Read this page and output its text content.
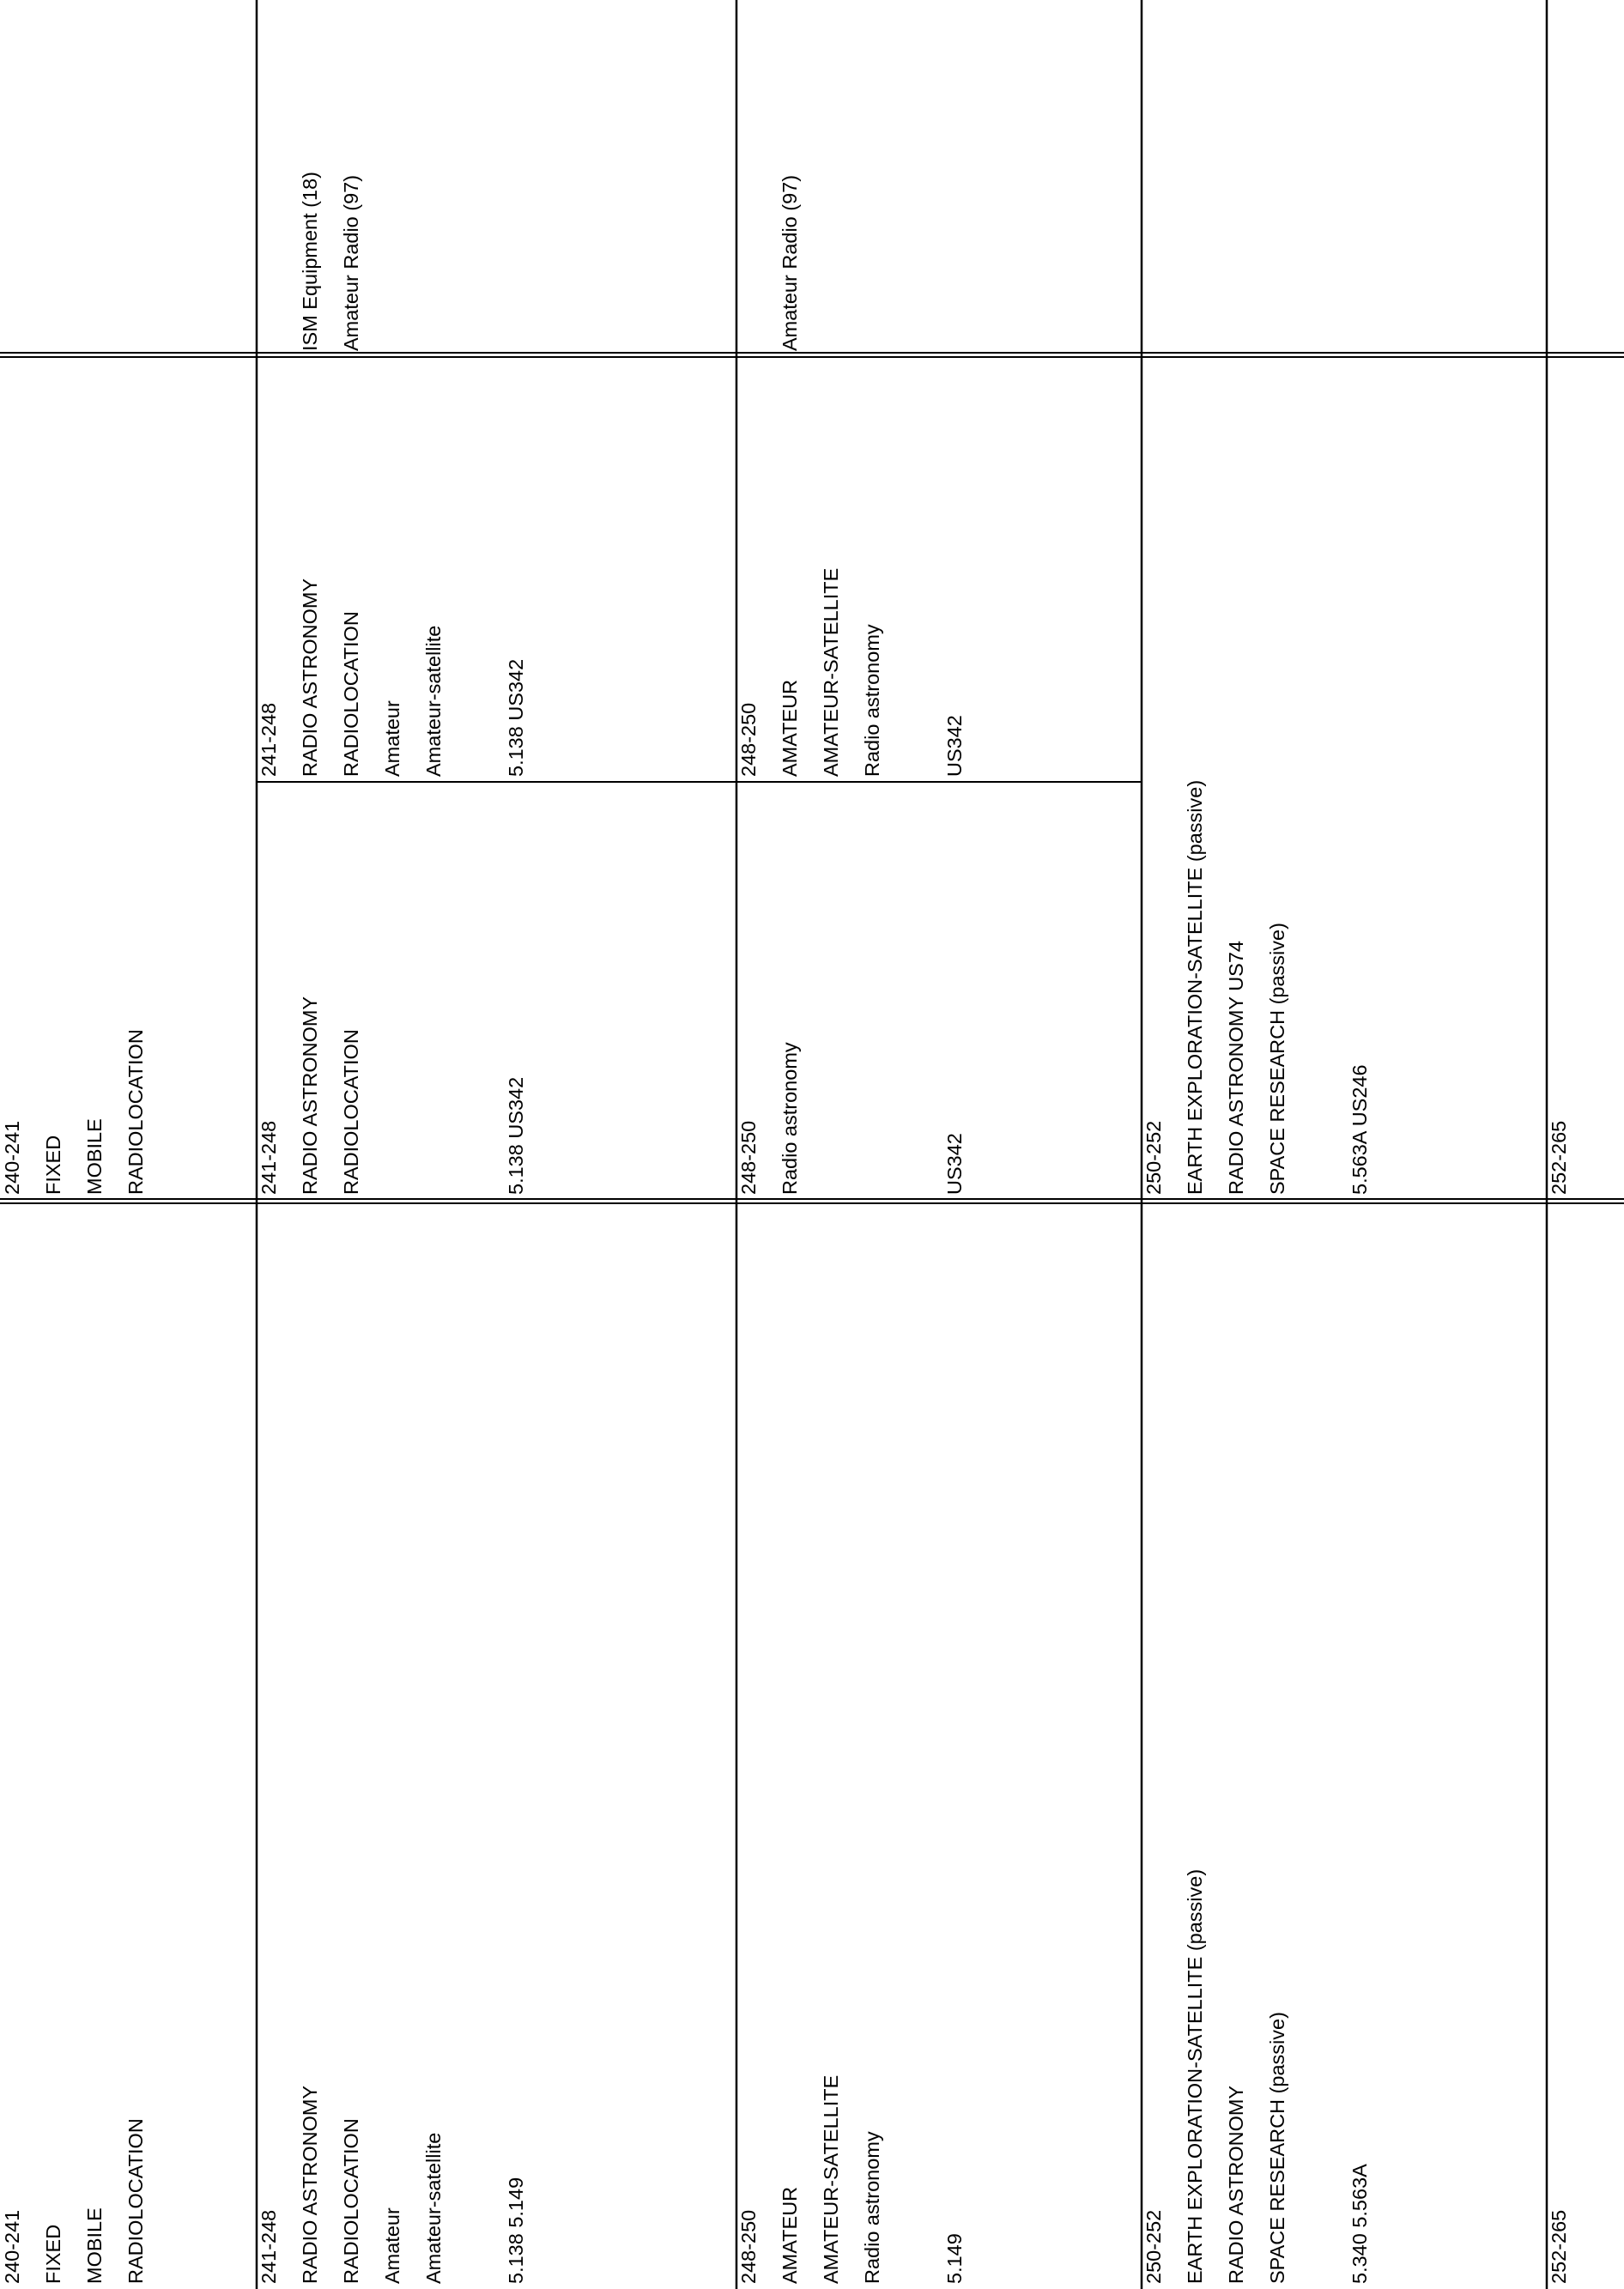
240-241 FIXED MOBILE RADIOLOCATION
240-241 FIXED MOBILE RADIOLOCATION
241-248 RADIO ASTRONOMY RADIOLOCATION Amateur Amateur-satellite	5.138 5.149
241-248 RADIO ASTRONOMY RADIOLOCATION	5.138 US342
241-248 RADIO ASTRONOMY RADIOLOCATION Amateur Amateur-satellite	5.138 US342
ISM Equipment (18) Amateur Radio (97)
248-250 AMATEUR AMATEUR-SATELLITE Radio astronomy	5.149
248-250 Radio astronomy	US342
248-250 AMATEUR AMATEUR-SATELLITE Radio astronomy	US342
Amateur Radio (97)
250-252 EARTH EXPLORATION-SATELLITE (passive) RADIO ASTRONOMY SPACE RESEARCH (passive)	5.340 5.563A
250-252 EARTH EXPLORATION-SATELLITE (passive) RADIO ASTRONOMY US74 SPACE RESEARCH (passive)	5.563A US246
252-265
252-265
